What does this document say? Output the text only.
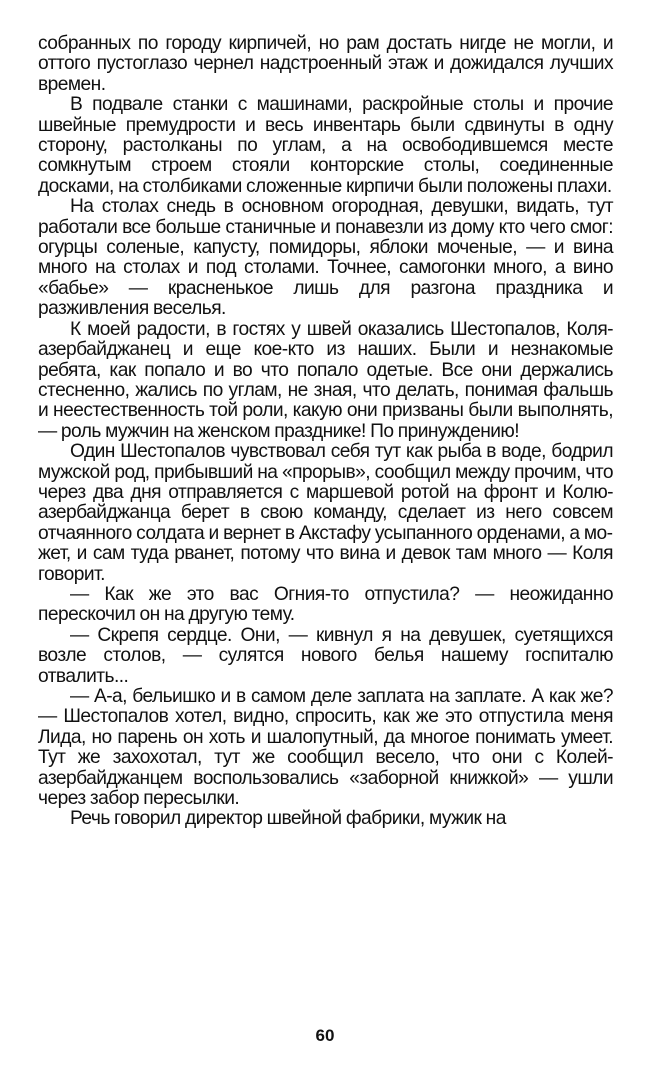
собранных по городу кирпичей, но рам достать нигде не могли, и оттого пустоглазо чернел надстроенный этаж и дожидался лучших времен.

В подвале станки с машинами, раскройные столы и прочие швейные премудрости и весь инвентарь были сдвинуты в одну сторону, растолканы по углам, а на освободившемся месте сомкнутым строем стояли конторские столы, соединенные досками, на столбиками сложенные кирпичи были положены плахи.

На столах снедь в основном огородная, девушки, видать, тут работали все больше станичные и понавезли из дому кто чего смог: огурцы соленые, капусту, помидоры, яблоки моченые, — и вина много на столах и под столами. Точнее, самогонки много, а вино «бабье» — красненькое лишь для разгона праздника и разживления веселья.

К моей радости, в гостях у швей оказались Шестопалов, Коля-азербайджанец и еще кое-кто из наших. Были и незнакомые ребята, как попало и во что попало одетые. Все они держались стесненно, жались по углам, не зная, что делать, понимая фальшь и неестественность той роли, какую они призваны были выполнять, — роль мужчин на женском празднике! По принуждению!

Один Шестопалов чувствовал себя тут как рыба в воде, бодрил мужской род, прибывший на «прорыв», сообщил между прочим, что через два дня отправляется с маршевой ротой на фронт и Колю-азербайджанца берет в свою команду, сделает из него совсем отчаянного солдата и вернет в Акстафу усыпанного орденами, а может, и сам туда рванет, потому что вина и девок там много — Коля говорит.

— Как же это вас Огния-то отпустила? — неожиданно перескочил он на другую тему.

— Скрепя сердце. Они, — кивнул я на девушек, суетящихся возле столов, — сулятся нового белья нашему госпиталю отвалить...

— А-а, бельишко и в самом деле заплата на заплате. А как же? — Шестопалов хотел, видно, спросить, как же это отпустила меня Лида, но парень он хоть и шалопутный, да многое понимать умеет. Тут же захохотал, тут же сообщил весело, что они с Колей-азербайджанцем воспользовались «заборной книжкой» — ушли через забор пересылки.

Речь говорил директор швейной фабрики, мужик на

60
